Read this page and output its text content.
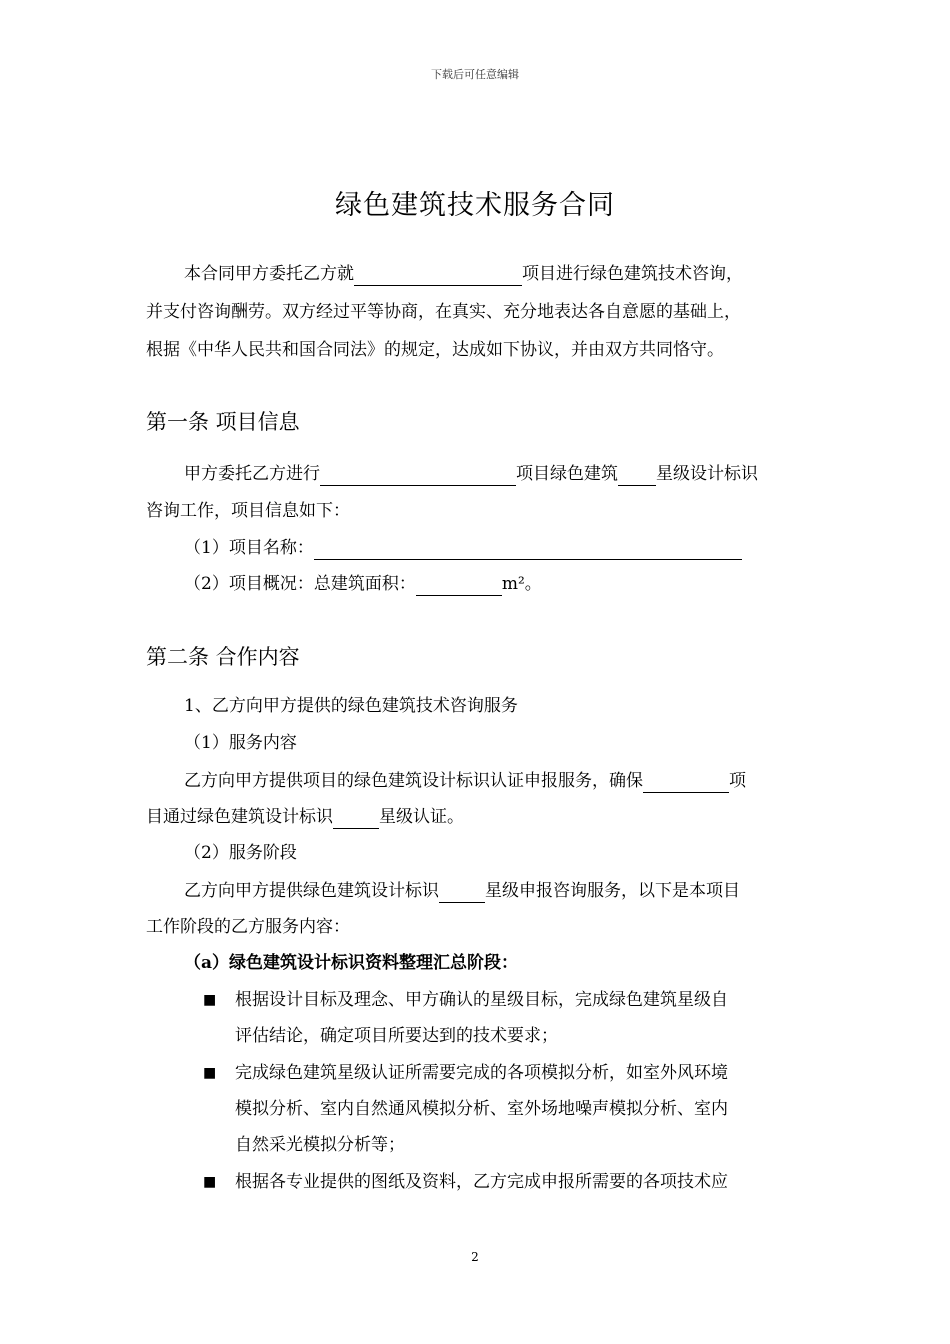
下载后可任意编辑
绿色建筑技术服务合同
本合同甲方委托乙方就	项目进行绿色建筑技术咨询，
并支付咨询酬劳。双方经过平等协商，在真实、充分地表达各自意愿的基础上，
根据《中华人民共和国合同法》的规定，达成如下协议，并由双方共同恪守。
第一条 项目信息
甲方委托乙方进行	项目绿色建筑 星级设计标识
咨询工作，项目信息如下：
（1）项目名称：
（2）项目概况：总建筑面积：	m²。
第二条 合作内容
1、乙方向甲方提供的绿色建筑技术咨询服务
（1）服务内容
乙方向甲方提供项目的绿色建筑设计标识认证申报服务，确保	项
目通过绿色建筑设计标识	星级认证。
（2）服务阶段
乙方向甲方提供绿色建筑设计标识	星级申报咨询服务，以下是本项目
工作阶段的乙方服务内容：
（a）绿色建筑设计标识资料整理汇总阶段：
■ 根据设计目标及理念、甲方确认的星级目标，完成绿色建筑星级自
评估结论，确定项目所要达到的技术要求；
■ 完成绿色建筑星级认证所需要完成的各项模拟分析，如室外风环境
模拟分析、室内自然通风模拟分析、室外场地噪声模拟分析、室内
自然采光模拟分析等；
■ 根据各专业提供的图纸及资料，乙方完成申报所需要的各项技术应
2
